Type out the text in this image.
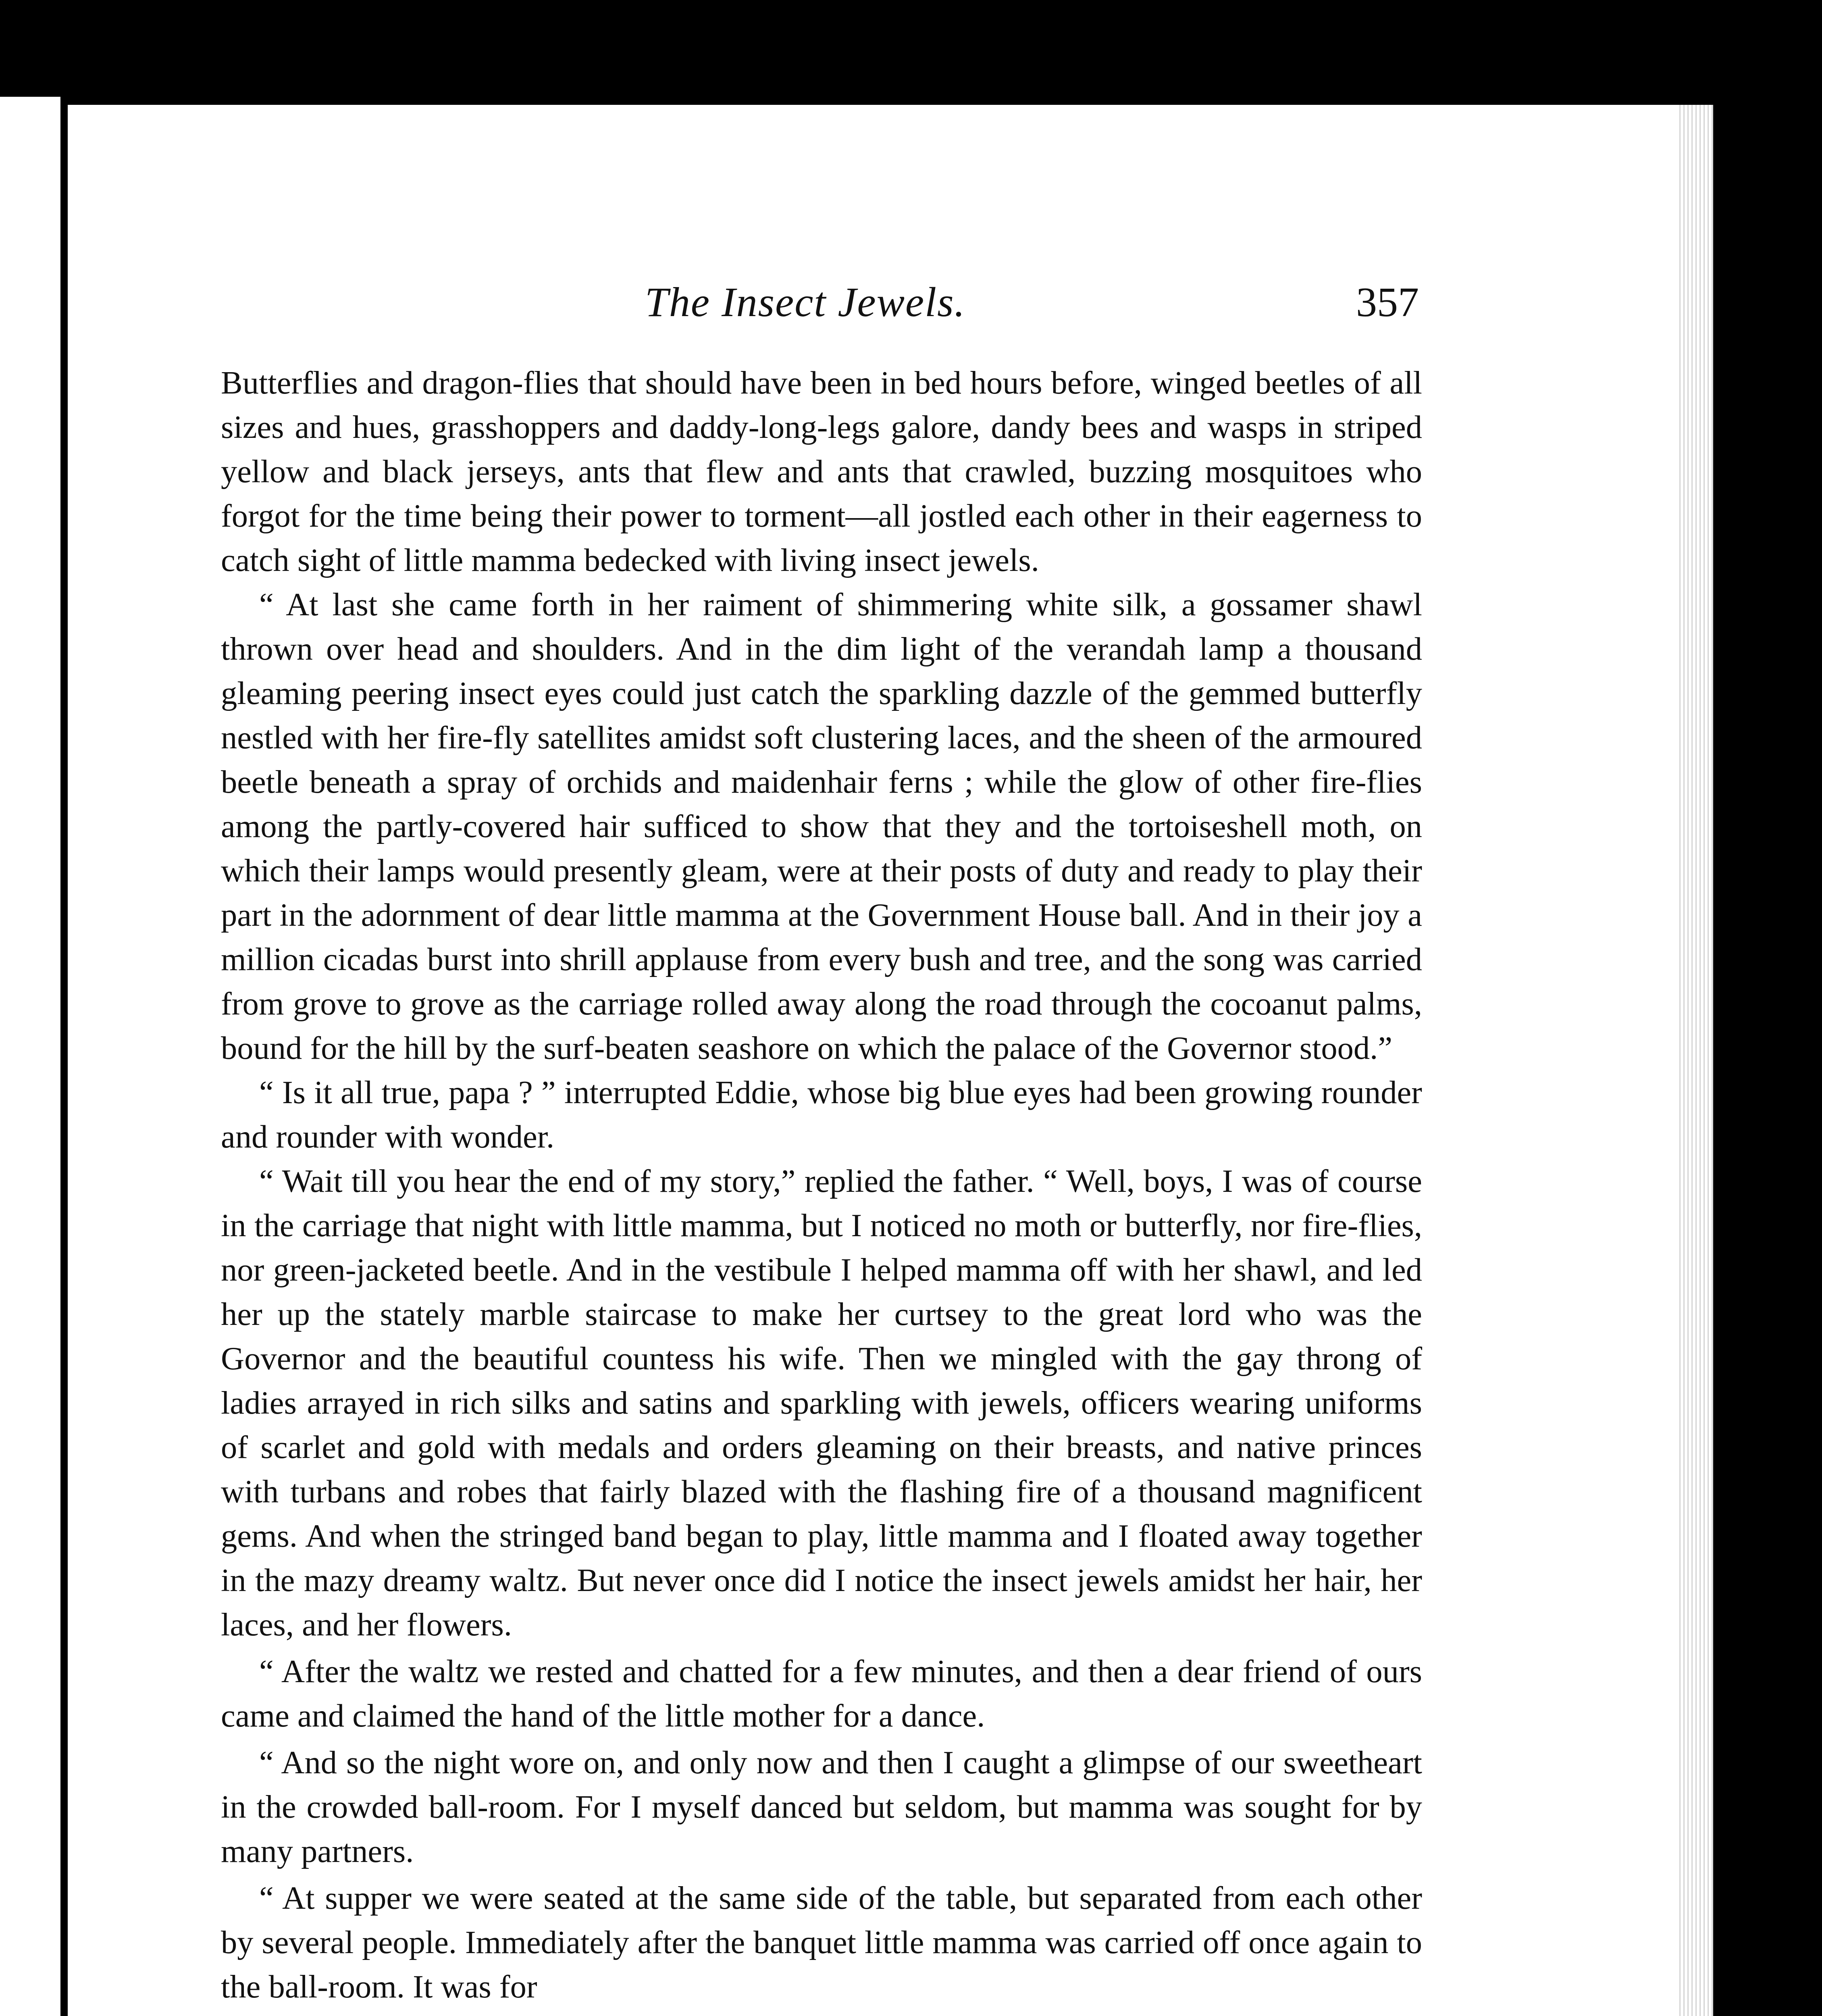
The Insect Jewels.	357

Butterflies and dragon-flies that should have been in bed hours before, winged beetles of all sizes and hues, grasshoppers and daddy-long-legs galore, dandy bees and wasps in striped yellow and black jerseys, ants that flew and ants that crawled, buzzing mosquitoes who forgot for the time being their power to torment—all jostled each other in their eagerness to catch sight of little mamma bedecked with living insect jewels.

“ At last she came forth in her raiment of shimmering white silk, a gossamer shawl thrown over head and shoulders. And in the dim light of the verandah lamp a thousand gleaming peering insect eyes could just catch the sparkling dazzle of the gemmed butterfly nestled with her fire-fly satellites amidst soft clustering laces, and the sheen of the armoured beetle beneath a spray of orchids and maidenhair ferns ; while the glow of other fire-flies among the partly-covered hair sufficed to show that they and the tortoiseshell moth, on which their lamps would presently gleam, were at their posts of duty and ready to play their part in the adornment of dear little mamma at the Government House ball. And in their joy a million cicadas burst into shrill applause from every bush and tree, and the song was carried from grove to grove as the carriage rolled away along the road through the cocoanut palms, bound for the hill by the surf-beaten seashore on which the palace of the Governor stood.”

“ Is it all true, papa ? ” interrupted Eddie, whose big blue eyes had been growing rounder and rounder with wonder.

“ Wait till you hear the end of my story,” replied the father. “ Well, boys, I was of course in the carriage that night with little mamma, but I noticed no moth or butterfly, nor fire-flies, nor green-jacketed beetle. And in the vestibule I helped mamma off with her shawl, and led her up the stately marble staircase to make her curtsey to the great lord who was the Governor and the beautiful countess his wife. Then we mingled with the gay throng of ladies arrayed in rich silks and satins and sparkling with jewels, officers wearing uniforms of scarlet and gold with medals and orders gleaming on their breasts, and native princes with turbans and robes that fairly blazed with the flashing fire of a thousand magnificent gems. And when the stringed band began to play, little mamma and I floated away together in the mazy dreamy waltz. But never once did I notice the insect jewels amidst her hair, her laces, and her flowers.

“ After the waltz we rested and chatted for a few minutes, and then a dear friend of ours came and claimed the hand of the little mother for a dance.

“ And so the night wore on, and only now and then I caught a glimpse of our sweetheart in the crowded ball-room. For I myself danced but seldom, but mamma was sought for by many partners.

“ At supper we were seated at the same side of the table, but separated from each other by several people. Immediately after the banquet little mamma was carried off once again to the ball-room. It was for
